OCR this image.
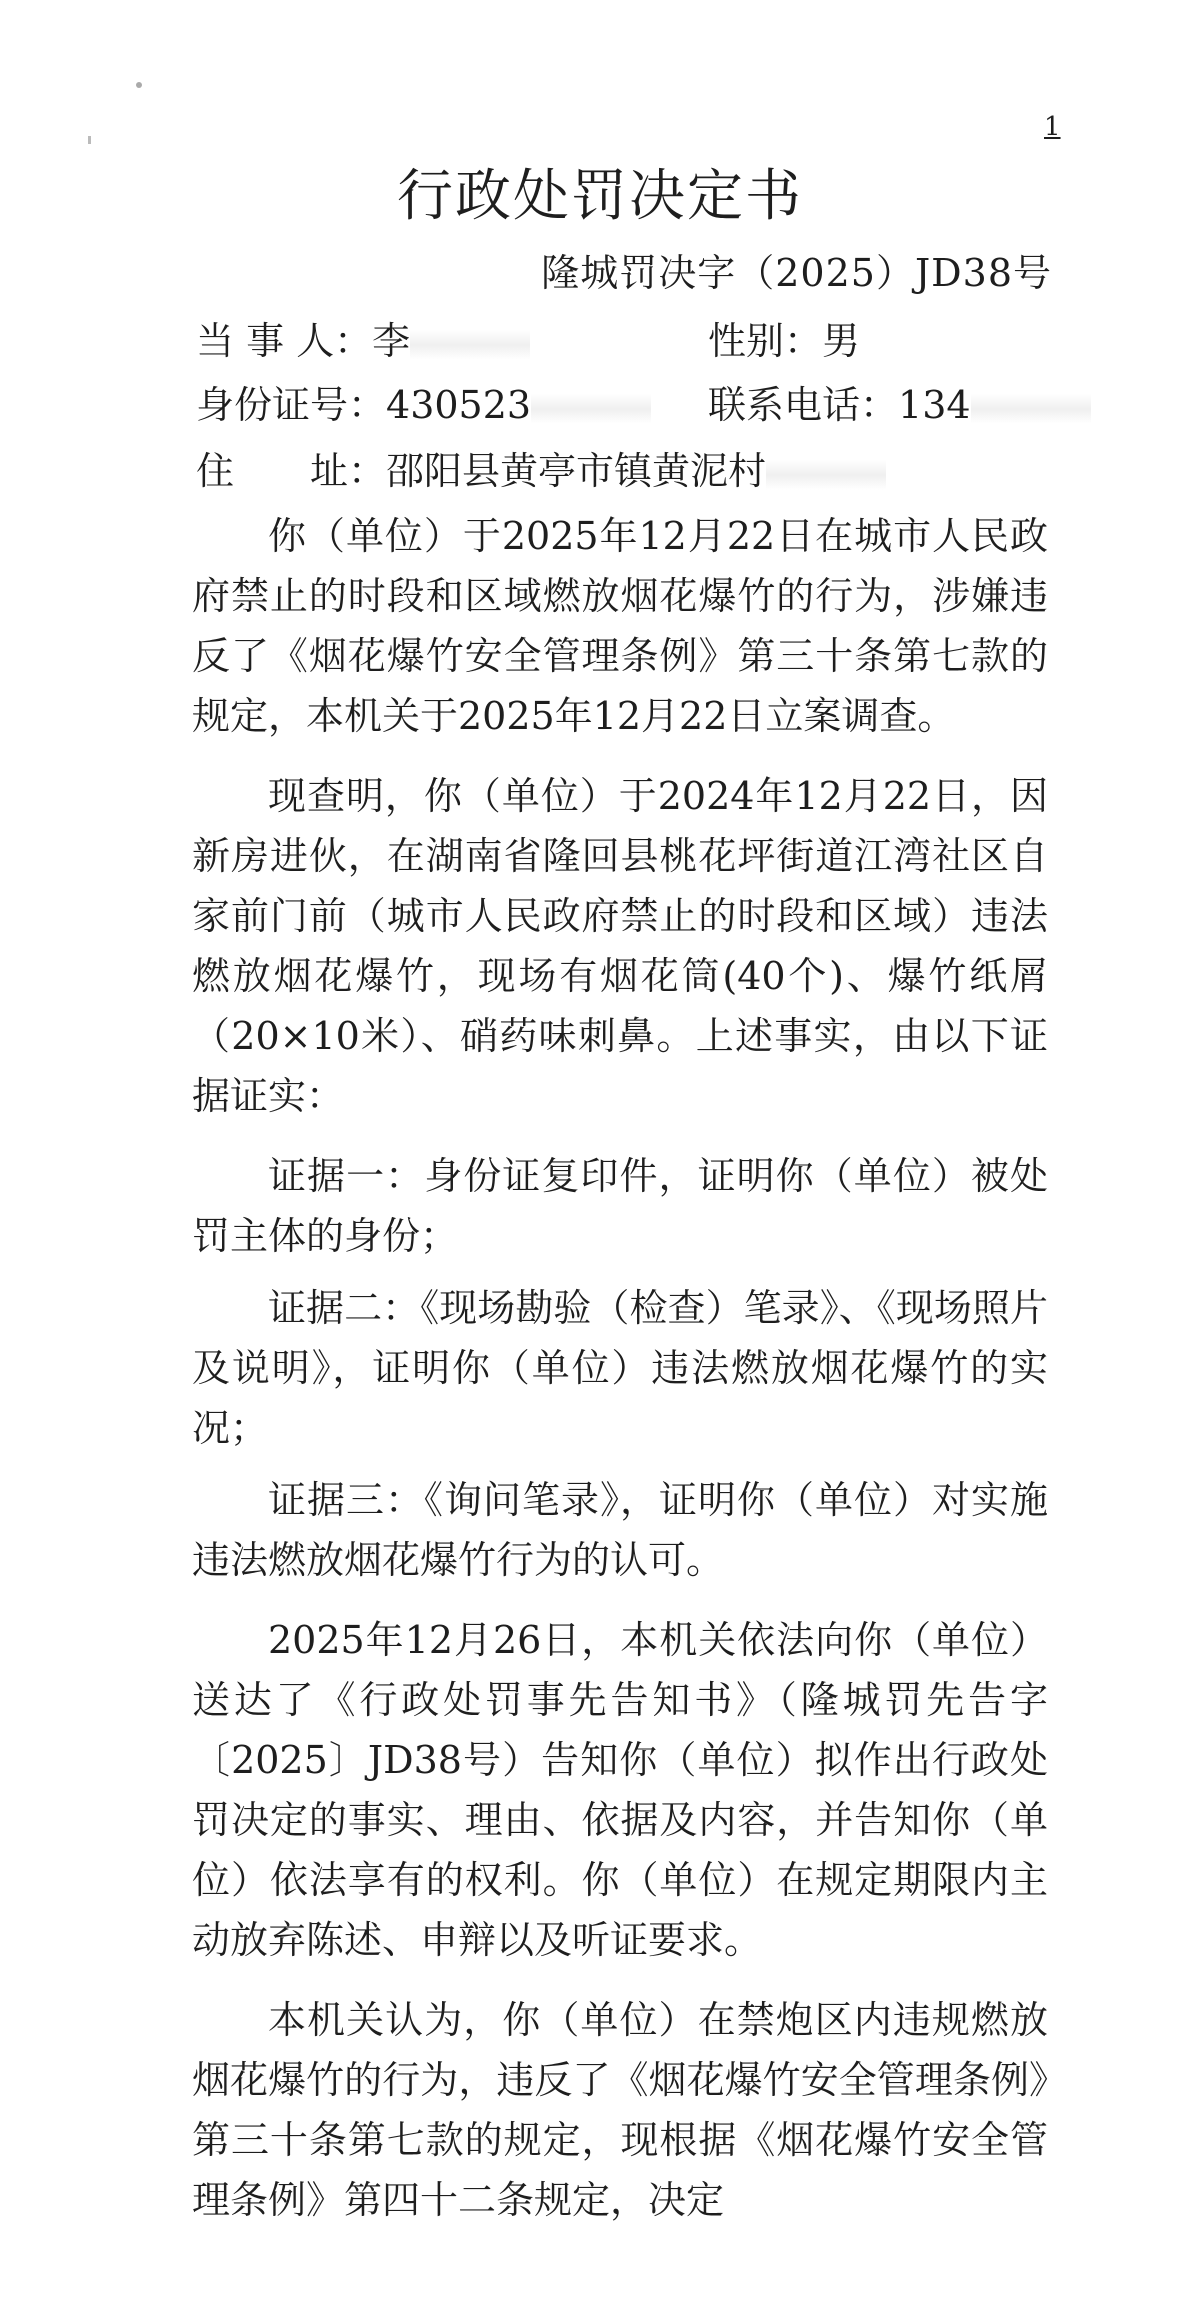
1
行政处罚决定书
隆城罚决字（2025）JD38号
当 事 人：李	性别：男
身份证号：430523	联系电话：134
住　　址：邵阳县黄亭市镇黄泥村

你（单位）于2025年12月22日在城市人民政府禁止的时段和区域燃放烟花爆竹的行为，涉嫌违反了《烟花爆竹安全管理条例》第三十条第七款的规定，本机关于2025年12月22日立案调查。

现查明，你（单位）于2024年12月22日，因新房进伙，在湖南省隆回县桃花坪街道江湾社区自家前门前（城市人民政府禁止的时段和区域）违法燃放烟花爆竹，现场有烟花筒(40个)、爆竹纸屑（20×10米）、硝药味刺鼻。上述事实，由以下证据证实：

证据一：身份证复印件，证明你（单位）被处罚主体的身份；

证据二：《现场勘验（检查）笔录》、《现场照片及说明》，证明你（单位）违法燃放烟花爆竹的实况；

证据三：《询问笔录》，证明你（单位）对实施违法燃放烟花爆竹行为的认可。

2025年12月26日，本机关依法向你（单位）送达了《行政处罚事先告知书》（隆城罚先告字〔2025〕JD38号）告知你（单位）拟作出行政处罚决定的事实、理由、依据及内容，并告知你（单位）依法享有的权利。你（单位）在规定期限内主动放弃陈述、申辩以及听证要求。

本机关认为，你（单位）在禁炮区内违规燃放烟花爆竹的行为，违反了《烟花爆竹安全管理条例》第三十条第七款的规定，现根据《烟花爆竹安全管理条例》第四十二条规定，决定
